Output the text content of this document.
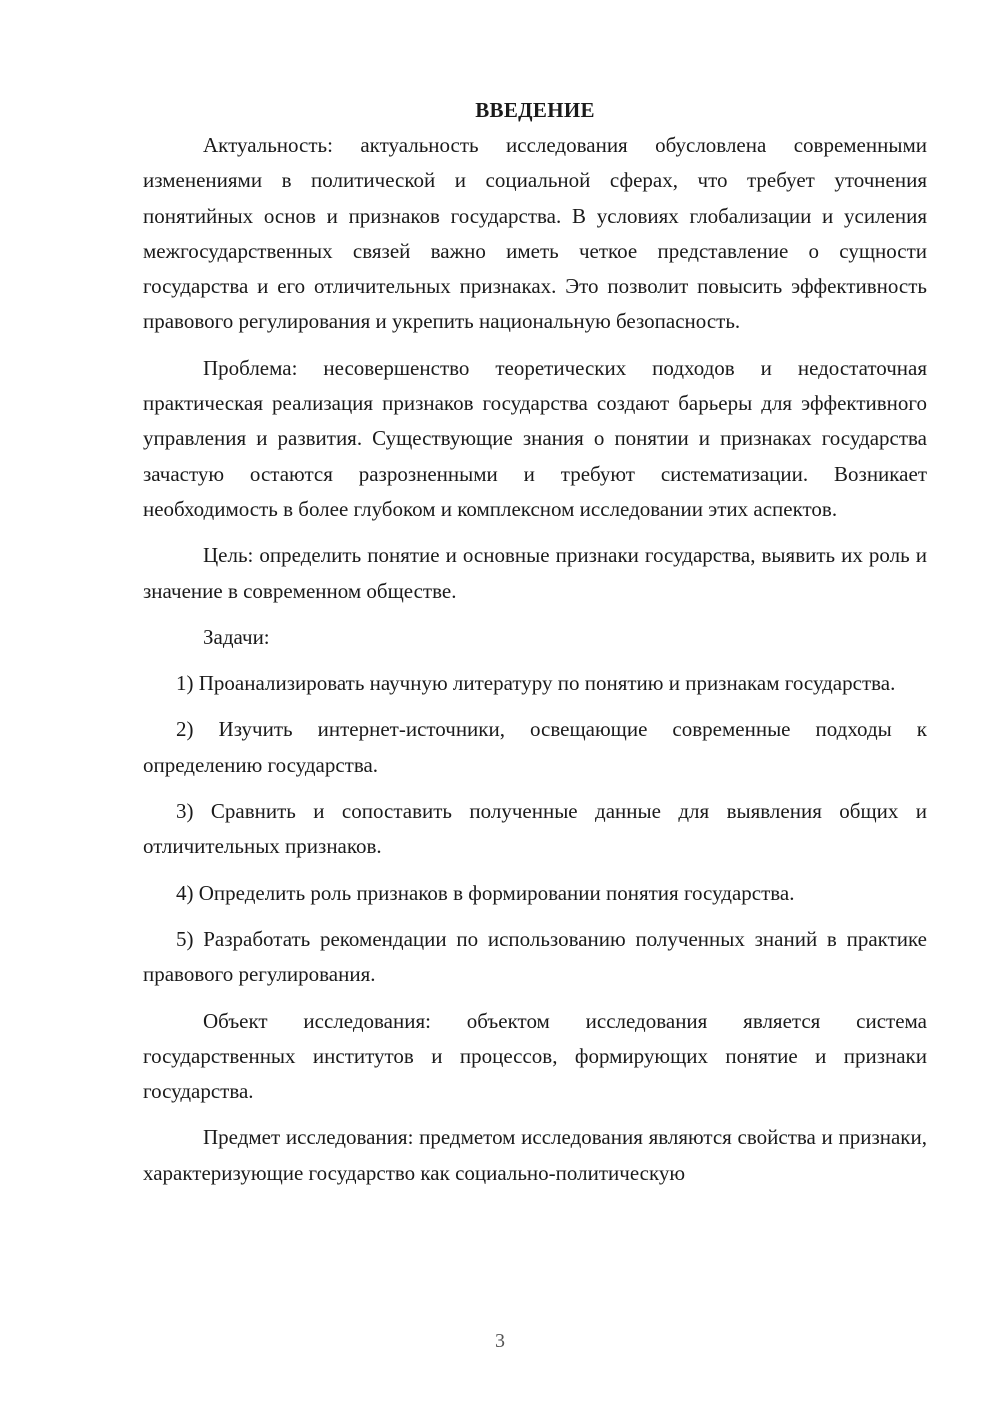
ВВЕДЕНИЕ

Актуальность: актуальность исследования обусловлена современными изменениями в политической и социальной сферах, что требует уточнения понятийных основ и признаков государства. В условиях глобализации и усиления межгосударственных связей важно иметь четкое представление о сущности государства и его отличительных признаках. Это позволит повысить эффективность правового регулирования и укрепить национальную безопасность.

Проблема: несовершенство теоретических подходов и недостаточная практическая реализация признаков государства создают барьеры для эффективного управления и развития. Существующие знания о понятии и признаках государства зачастую остаются разрозненными и требуют систематизации. Возникает необходимость в более глубоком и комплексном исследовании этих аспектов.

Цель: определить понятие и основные признаки государства, выявить их роль и значение в современном обществе.

Задачи:

1) Проанализировать научную литературу по понятию и признакам государства.

2) Изучить интернет-источники, освещающие современные подходы к определению государства.

3) Сравнить и сопоставить полученные данные для выявления общих и отличительных признаков.

4) Определить роль признаков в формировании понятия государства.

5) Разработать рекомендации по использованию полученных знаний в практике правового регулирования.

Объект исследования: объектом исследования является система государственных институтов и процессов, формирующих понятие и признаки государства.

Предмет исследования: предметом исследования являются свойства и признаки, характеризующие государство как социально-политическую

3
